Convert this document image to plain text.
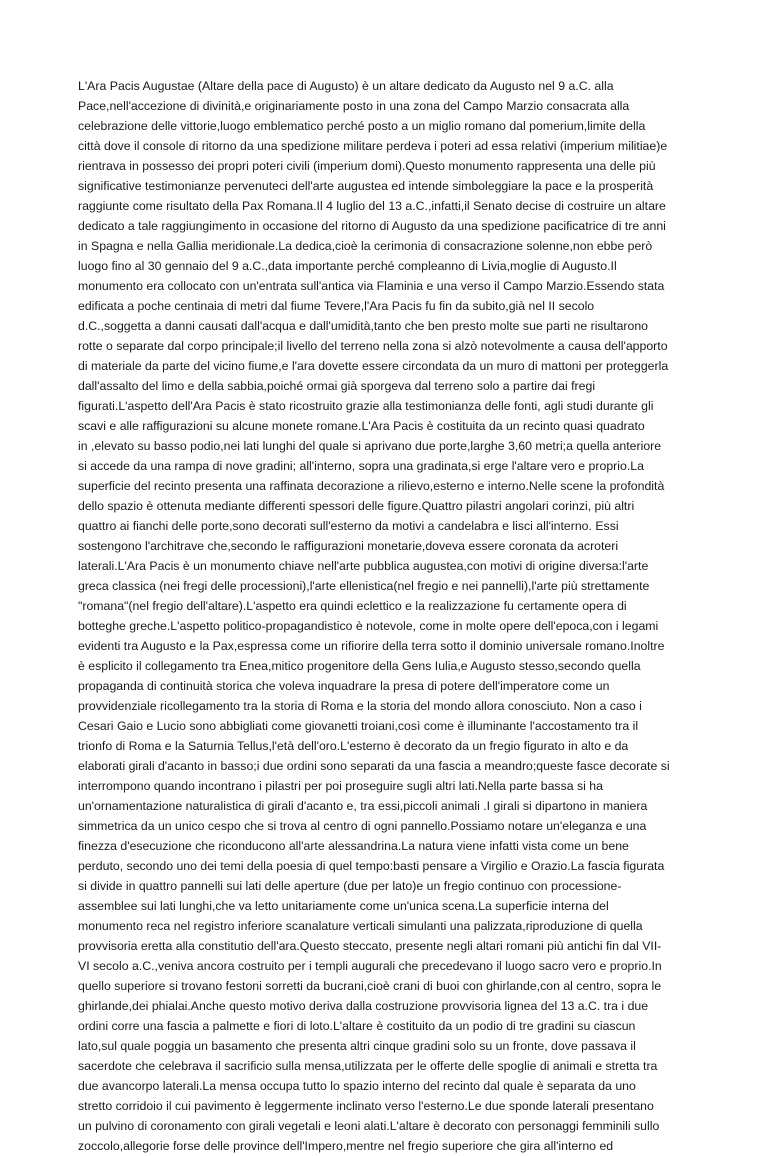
L'Ara Pacis Augustae (Altare della pace di Augusto) è un altare dedicato da Augusto nel 9 a.C. alla
Pace,nell'accezione di divinità,e originariamente posto in una zona del Campo Marzio consacrata alla
celebrazione delle vittorie,luogo emblematico perché posto a un miglio romano dal pomerium,limite della
città dove il console di ritorno da una spedizione militare perdeva i poteri ad essa relativi (imperium militiae)e
rientrava in possesso dei propri poteri civili (imperium domi).Questo monumento rappresenta una delle più
significative testimonianze pervenuteci dell'arte augustea ed intende simboleggiare la pace e la prosperità
raggiunte come risultato della Pax Romana.Il 4 luglio del 13 a.C.,infatti,il Senato decise di costruire un altare
dedicato a tale raggiungimento in occasione del ritorno di Augusto da una spedizione pacificatrice di tre anni
in Spagna e nella Gallia meridionale.La dedica,cioè la cerimonia di consacrazione solenne,non ebbe però
luogo fino al 30 gennaio del 9 a.C.,data importante perché compleanno di Livia,moglie di Augusto.Il
monumento era collocato con un'entrata sull'antica via Flaminia e una verso il Campo Marzio.Essendo stata
edificata a poche centinaia di metri dal fiume Tevere,l'Ara Pacis fu fin da subito,già nel II secolo
d.C.,soggetta a danni causati dall'acqua e dall'umidità,tanto che ben presto molte sue parti ne risultarono
rotte o separate dal corpo principale;il livello del terreno nella zona si alzò notevolmente a causa dell'apporto
di materiale da parte del vicino fiume,e l'ara dovette essere circondata da un muro di mattoni per proteggerla
dall'assalto del limo e della sabbia,poiché ormai già sporgeva dal terreno solo a partire dai fregi
figurati.L'aspetto dell'Ara Pacis è stato ricostruito grazie alla testimonianza delle fonti, agli studi durante gli
scavi e alle raffigurazioni su alcune monete romane.L'Ara Pacis è costituita da un recinto quasi quadrato
in ,elevato su basso podio,nei lati lunghi del quale si aprivano due porte,larghe 3,60 metri;a quella anteriore
si accede da una rampa di nove gradini; all'interno, sopra una gradinata,si erge l'altare vero e proprio.La
superficie del recinto presenta una raffinata decorazione a rilievo,esterno e interno.Nelle scene la profondità
dello spazio è ottenuta mediante differenti spessori delle figure.Quattro pilastri angolari corinzi, più altri
quattro ai fianchi delle porte,sono decorati sull'esterno da motivi a candelabra e lisci all'interno. Essi
sostengono l'architrave che,secondo le raffigurazioni monetarie,doveva essere coronata da acroteri
laterali.L'Ara Pacis è un monumento chiave nell'arte pubblica augustea,con motivi di origine diversa:l'arte
greca classica (nei fregi delle processioni),l'arte ellenistica(nel fregio e nei pannelli),l'arte più strettamente
"romana"(nel fregio dell'altare).L'aspetto era quindi eclettico e la realizzazione fu certamente opera di
botteghe greche.L'aspetto politico-propagandistico è notevole, come in molte opere dell'epoca,con i legami
evidenti tra Augusto e la Pax,espressa come un rifiorire della terra sotto il dominio universale romano.Inoltre
è esplicito il collegamento tra Enea,mitico progenitore della Gens Iulia,e Augusto stesso,secondo quella
propaganda di continuità storica che voleva inquadrare la presa di potere dell'imperatore come un
provvidenziale ricollegamento tra la storia di Roma e la storia del mondo allora conosciuto. Non a caso i
Cesari Gaio e Lucio sono abbigliati come giovanetti troiani,così come è illuminante l'accostamento tra il
trionfo di Roma e la Saturnia Tellus,l'età dell'oro.L'esterno è decorato da un fregio figurato in alto e da
elaborati girali d'acanto in basso;i due ordini sono separati da una fascia a meandro;queste fasce decorate si
interrompono quando incontrano i pilastri per poi proseguire sugli altri lati.Nella parte bassa si ha
un'ornamentazione naturalistica di girali d'acanto e, tra essi,piccoli animali .I girali si dipartono in maniera
simmetrica da un unico cespo che si trova al centro di ogni pannello.Possiamo notare un'eleganza e una
finezza d'esecuzione che riconducono all'arte alessandrina.La natura viene infatti vista come un bene
perduto, secondo uno dei temi della poesia di quel tempo:basti pensare a Virgilio e Orazio.La fascia figurata
si divide in quattro pannelli sui lati delle aperture (due per lato)e un fregio continuo con processione-
assemblee sui lati lunghi,che va letto unitariamente come un'unica scena.La superficie interna del
monumento reca nel registro inferiore scanalature verticali simulanti una palizzata,riproduzione di quella
provvisoria eretta alla constitutio dell'ara.Questo steccato, presente negli altari romani più antichi fin dal VII-
VI secolo a.C.,veniva ancora costruito per i templi augurali che precedevano il luogo sacro vero e proprio.In
quello superiore si trovano festoni sorretti da bucrani,cioè crani di buoi con ghirlande,con al centro, sopra le
ghirlande,dei phialai.Anche questo motivo deriva dalla costruzione provvisoria lignea del 13 a.C. tra i due
ordini corre una fascia a palmette e fiori di loto.L'altare è costituito da un podio di tre gradini su ciascun
lato,sul quale poggia un basamento che presenta altri cinque gradini solo su un fronte, dove passava il
sacerdote che celebrava il sacrificio sulla mensa,utilizzata per le offerte delle spoglie di animali e stretta tra
due avancorpo laterali.La mensa occupa tutto lo spazio interno del recinto dal quale è separata da uno
stretto corridoio il cui pavimento è leggermente inclinato verso l'esterno.Le due sponde laterali presentano
un pulvino di coronamento con girali vegetali e leoni alati.L'altare è decorato con personaggi femminili sullo
zoccolo,allegorie forse delle province dell'Impero,mentre nel fregio superiore che gira all'interno ed
